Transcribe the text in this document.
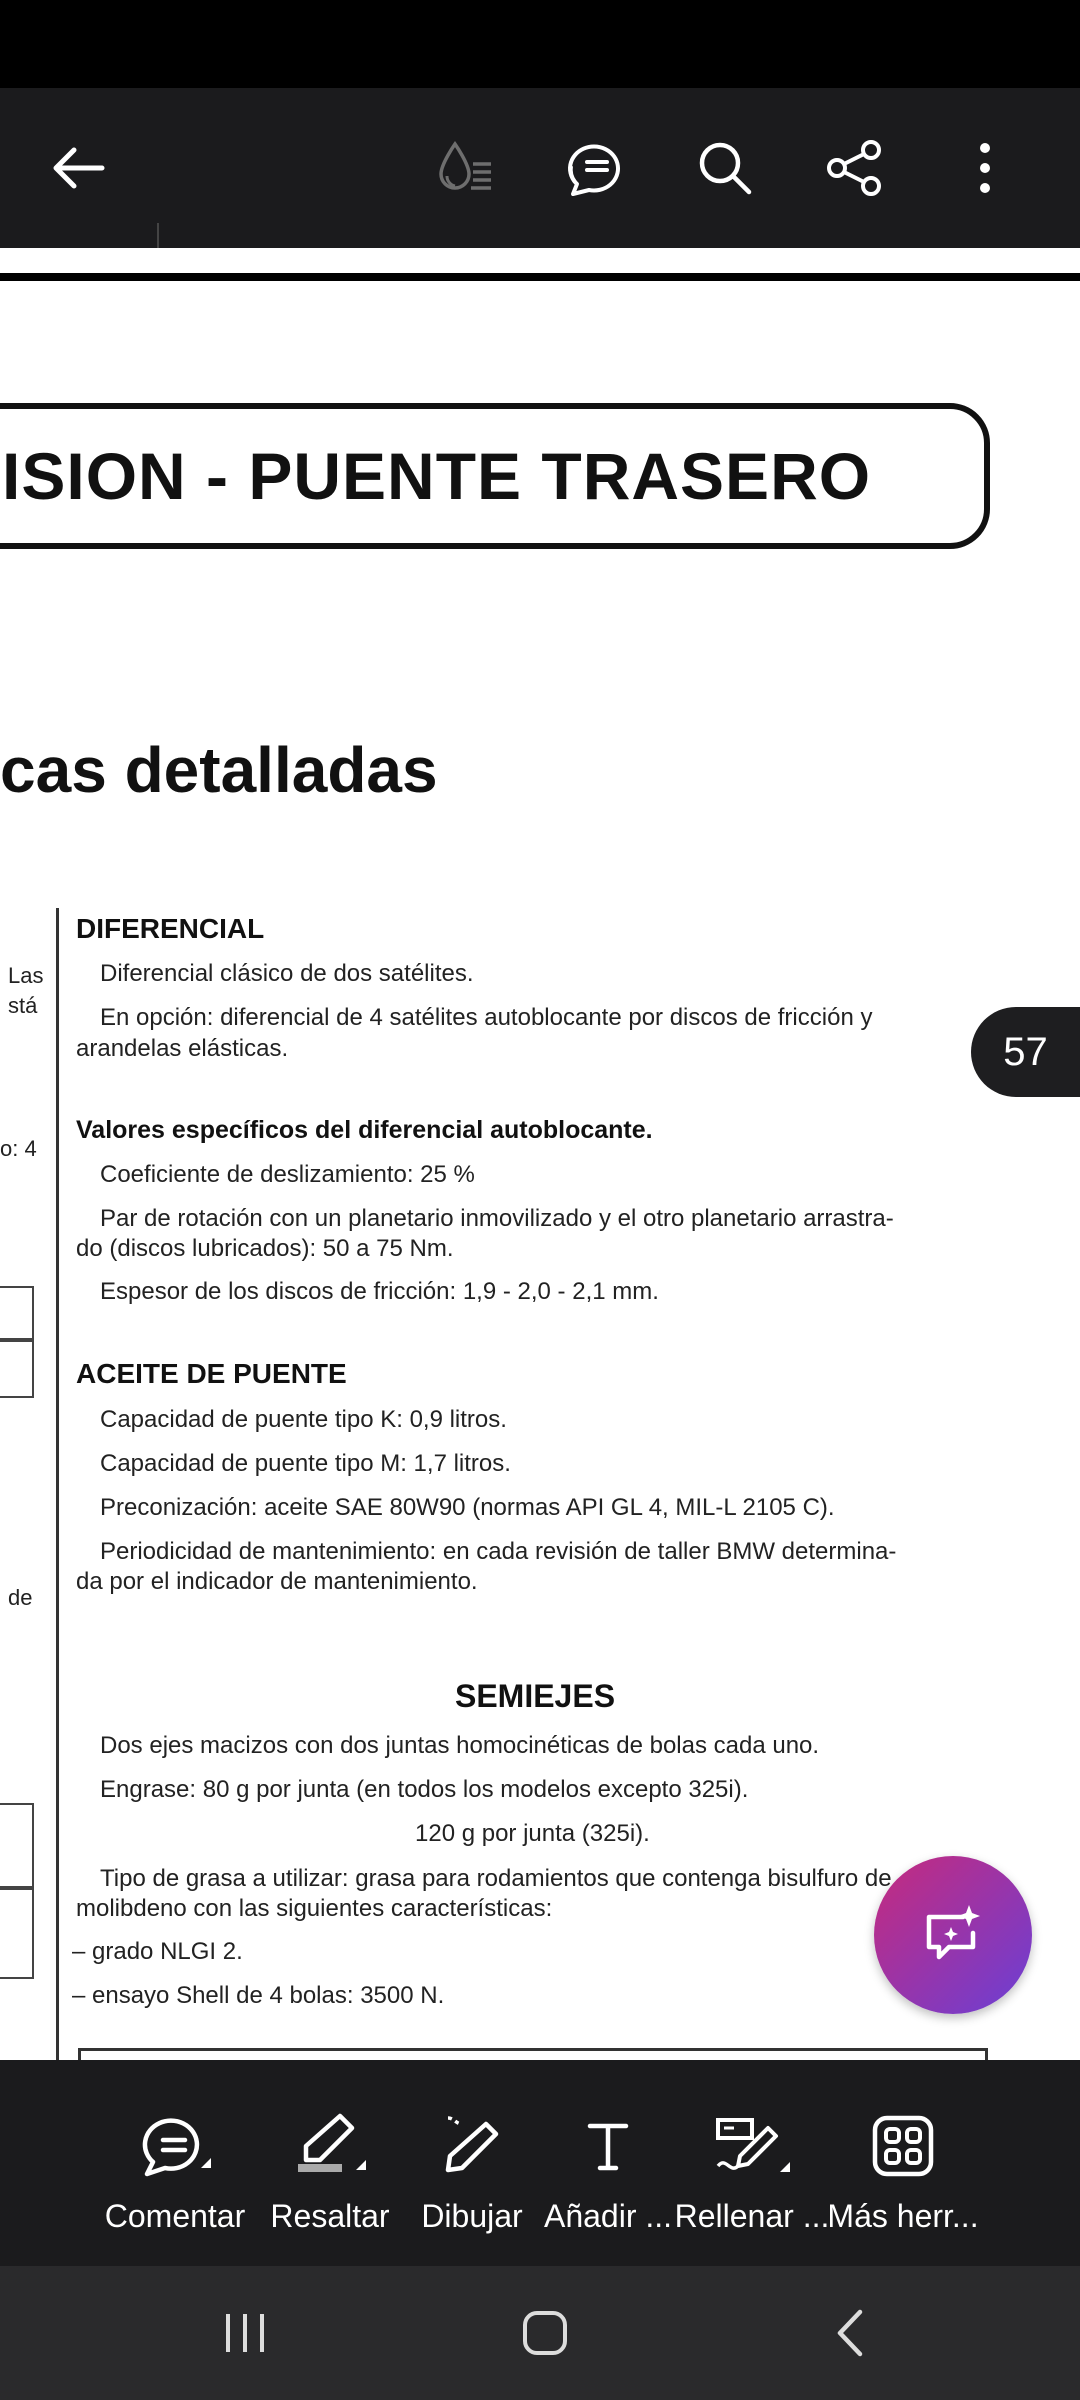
ISION - PUENTE TRASERO
cas detalladas
Las
stá
o: 4
de
DIFERENCIAL
Diferencial clásico de dos satélites.
En opción: diferencial de 4 satélites autoblocante por discos de fricción y
arandelas elásticas.
Valores específicos del diferencial autoblocante.
Coeficiente de deslizamiento: 25 %
Par de rotación con un planetario inmovilizado y el otro planetario arrastra-
do (discos lubricados): 50 a 75 Nm.
Espesor de los discos de fricción: 1,9 - 2,0 - 2,1 mm.
ACEITE DE PUENTE
Capacidad de puente tipo K: 0,9 litros.
Capacidad de puente tipo M: 1,7 litros.
Preconización: aceite SAE 80W90 (normas API GL 4, MIL-L 2105 C).
Periodicidad de mantenimiento: en cada revisión de taller BMW determina-
da por el indicador de mantenimiento.
SEMIEJES
Dos ejes macizos con dos juntas homocinéticas de bolas cada uno.
Engrase: 80 g por junta (en todos los modelos excepto 325i).
120 g por junta (325i).
Tipo de grasa a utilizar: grasa para rodamientos que contenga bisulfuro de
molibdeno con las siguientes características:
– grado NLGI 2.
– ensayo Shell de 4 bolas: 3500 N.
57
Comentar Resaltar Dibujar Añadir ... Rellenar ...
Más herr...
